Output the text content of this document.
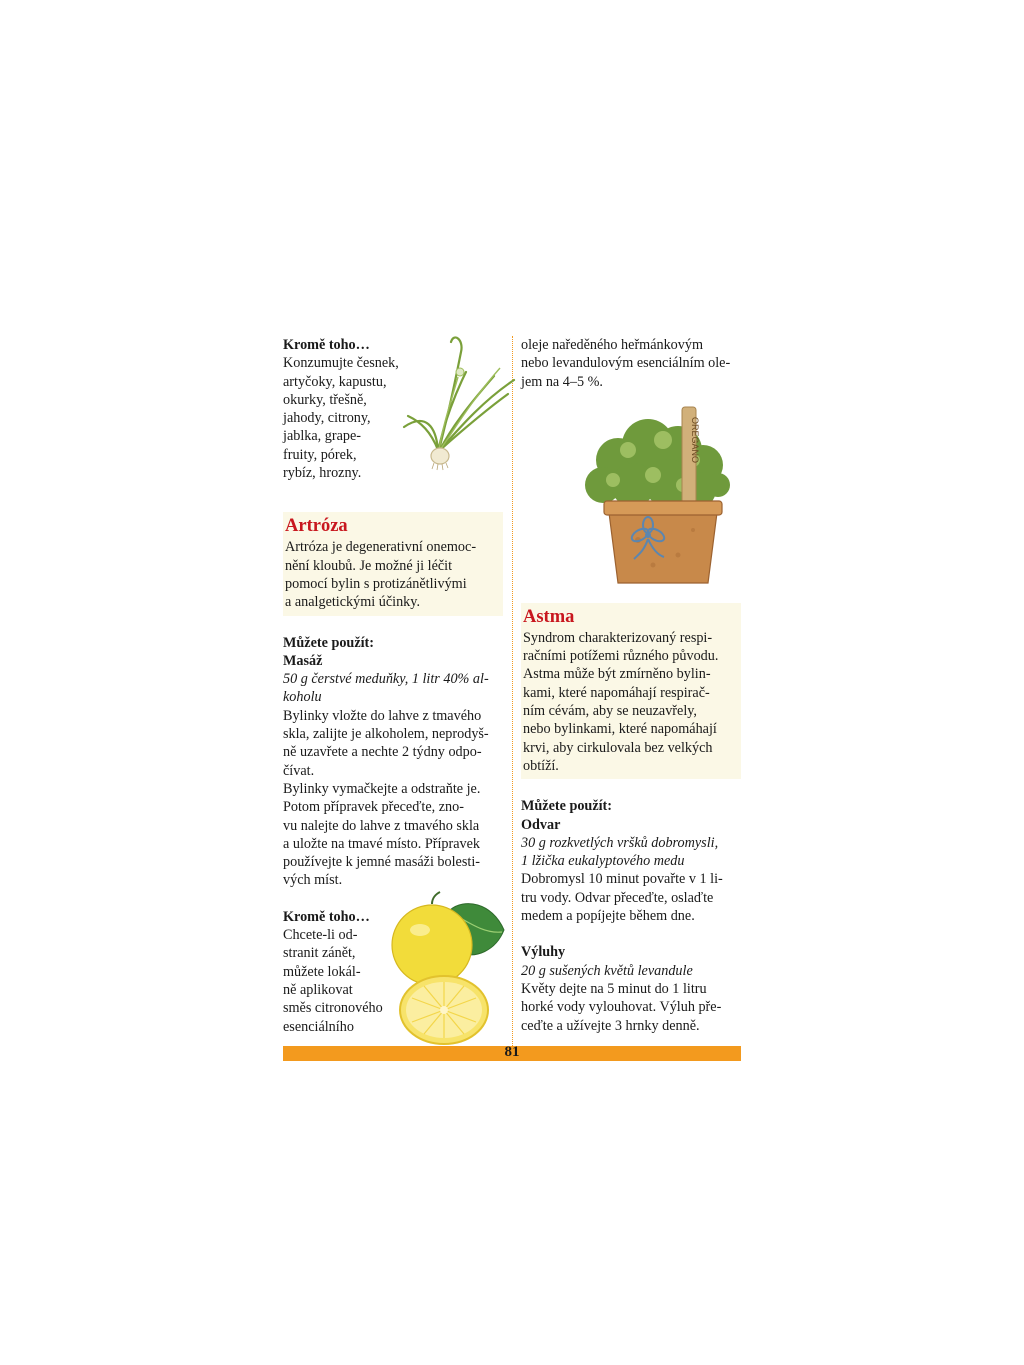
Kromě toho…

Konzumujte česnek,

artyčoky, kapustu,

okurky, třešně,

jahody, citrony,

jablka, grape-

fruity, pórek,

rybíz, hrozny.

Artróza

Artróza je degenerativní onemoc-

nění kloubů. Je možné ji léčit

pomocí bylin s protizánětlivými

a analgetickými účinky.

Můžete použít:

Masáž

50 g čerstvé meduňky, 1 litr 40% al-

koholu

Bylinky vložte do lahve z tmavého

skla, zalijte je alkoholem, neprodyš-

ně uzavřete a nechte 2 týdny odpo-

čívat.

Bylinky vymačkejte a odstraňte je.

Potom přípravek přeceďte, zno-

vu nalejte do lahve z tmavého skla

a uložte na tmavé místo. Přípravek

používejte k jemné masáži bolesti-

vých míst.

Kromě toho…

Chcete-li od-

stranit zánět,

můžete lokál-

ně aplikovat

směs citronového

esenciálního

oleje naředěného heřmánkovým

nebo levandulovým esenciálním ole-

jem na 4–5 %.

Astma

Syndrom charakterizovaný respi-

račními potížemi různého původu.

Astma může být zmírněno bylin-

kami, které napomáhají respirač-

ním cévám, aby se neuzavřely,

nebo bylinkami, které napomáhají

krvi, aby cirkulovala bez velkých

obtíží.

Můžete použít:

Odvar

30 g rozkvetlých vršků dobromysli,

1 lžička eukalyptového medu

Dobromysl 10 minut povařte v 1 li-

tru vody. Odvar přeceďte, oslaďte

medem a popíjejte během dne.

Výluhy

20 g sušených květů levandule

Květy dejte na 5 minut do 1 litru

horké vody vylouhovat. Výluh pře-

ceďte a užívejte 3 hrnky denně.

OREGANO
81
